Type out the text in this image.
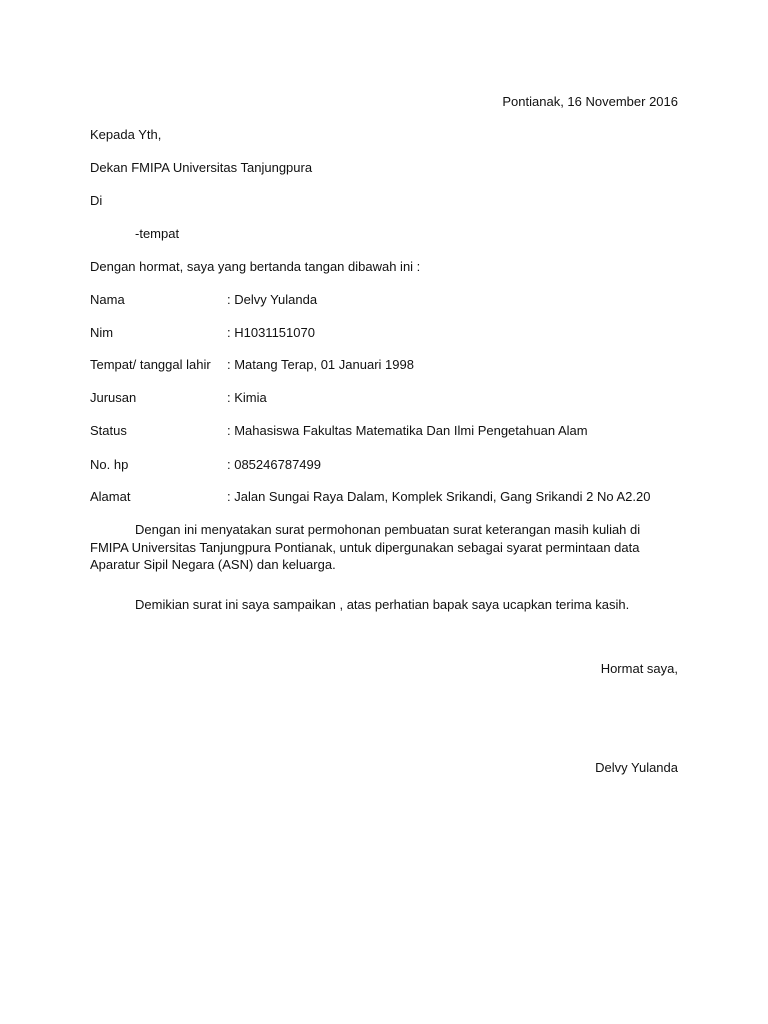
Pontianak, 16 November 2016
Kepada Yth,
Dekan FMIPA Universitas Tanjungpura
Di
-tempat
Dengan hormat, saya yang bertanda tangan dibawah ini :
Nama	: Delvy Yulanda
Nim	: H1031151070
Tempat/ tanggal lahir : Matang Terap, 01 Januari 1998
Jurusan	: Kimia
Status	: Mahasiswa Fakultas Matematika Dan Ilmi Pengetahuan Alam
No. hp	: 085246787499
Alamat	: Jalan Sungai Raya Dalam, Komplek Srikandi, Gang Srikandi 2 No A2.20
Dengan ini menyatakan surat permohonan pembuatan surat keterangan masih kuliah di FMIPA Universitas Tanjungpura Pontianak, untuk dipergunakan sebagai syarat permintaan data Aparatur Sipil Negara (ASN) dan keluarga.
Demikian surat ini saya sampaikan , atas perhatian bapak saya ucapkan terima kasih.
Hormat saya,
Delvy Yulanda
